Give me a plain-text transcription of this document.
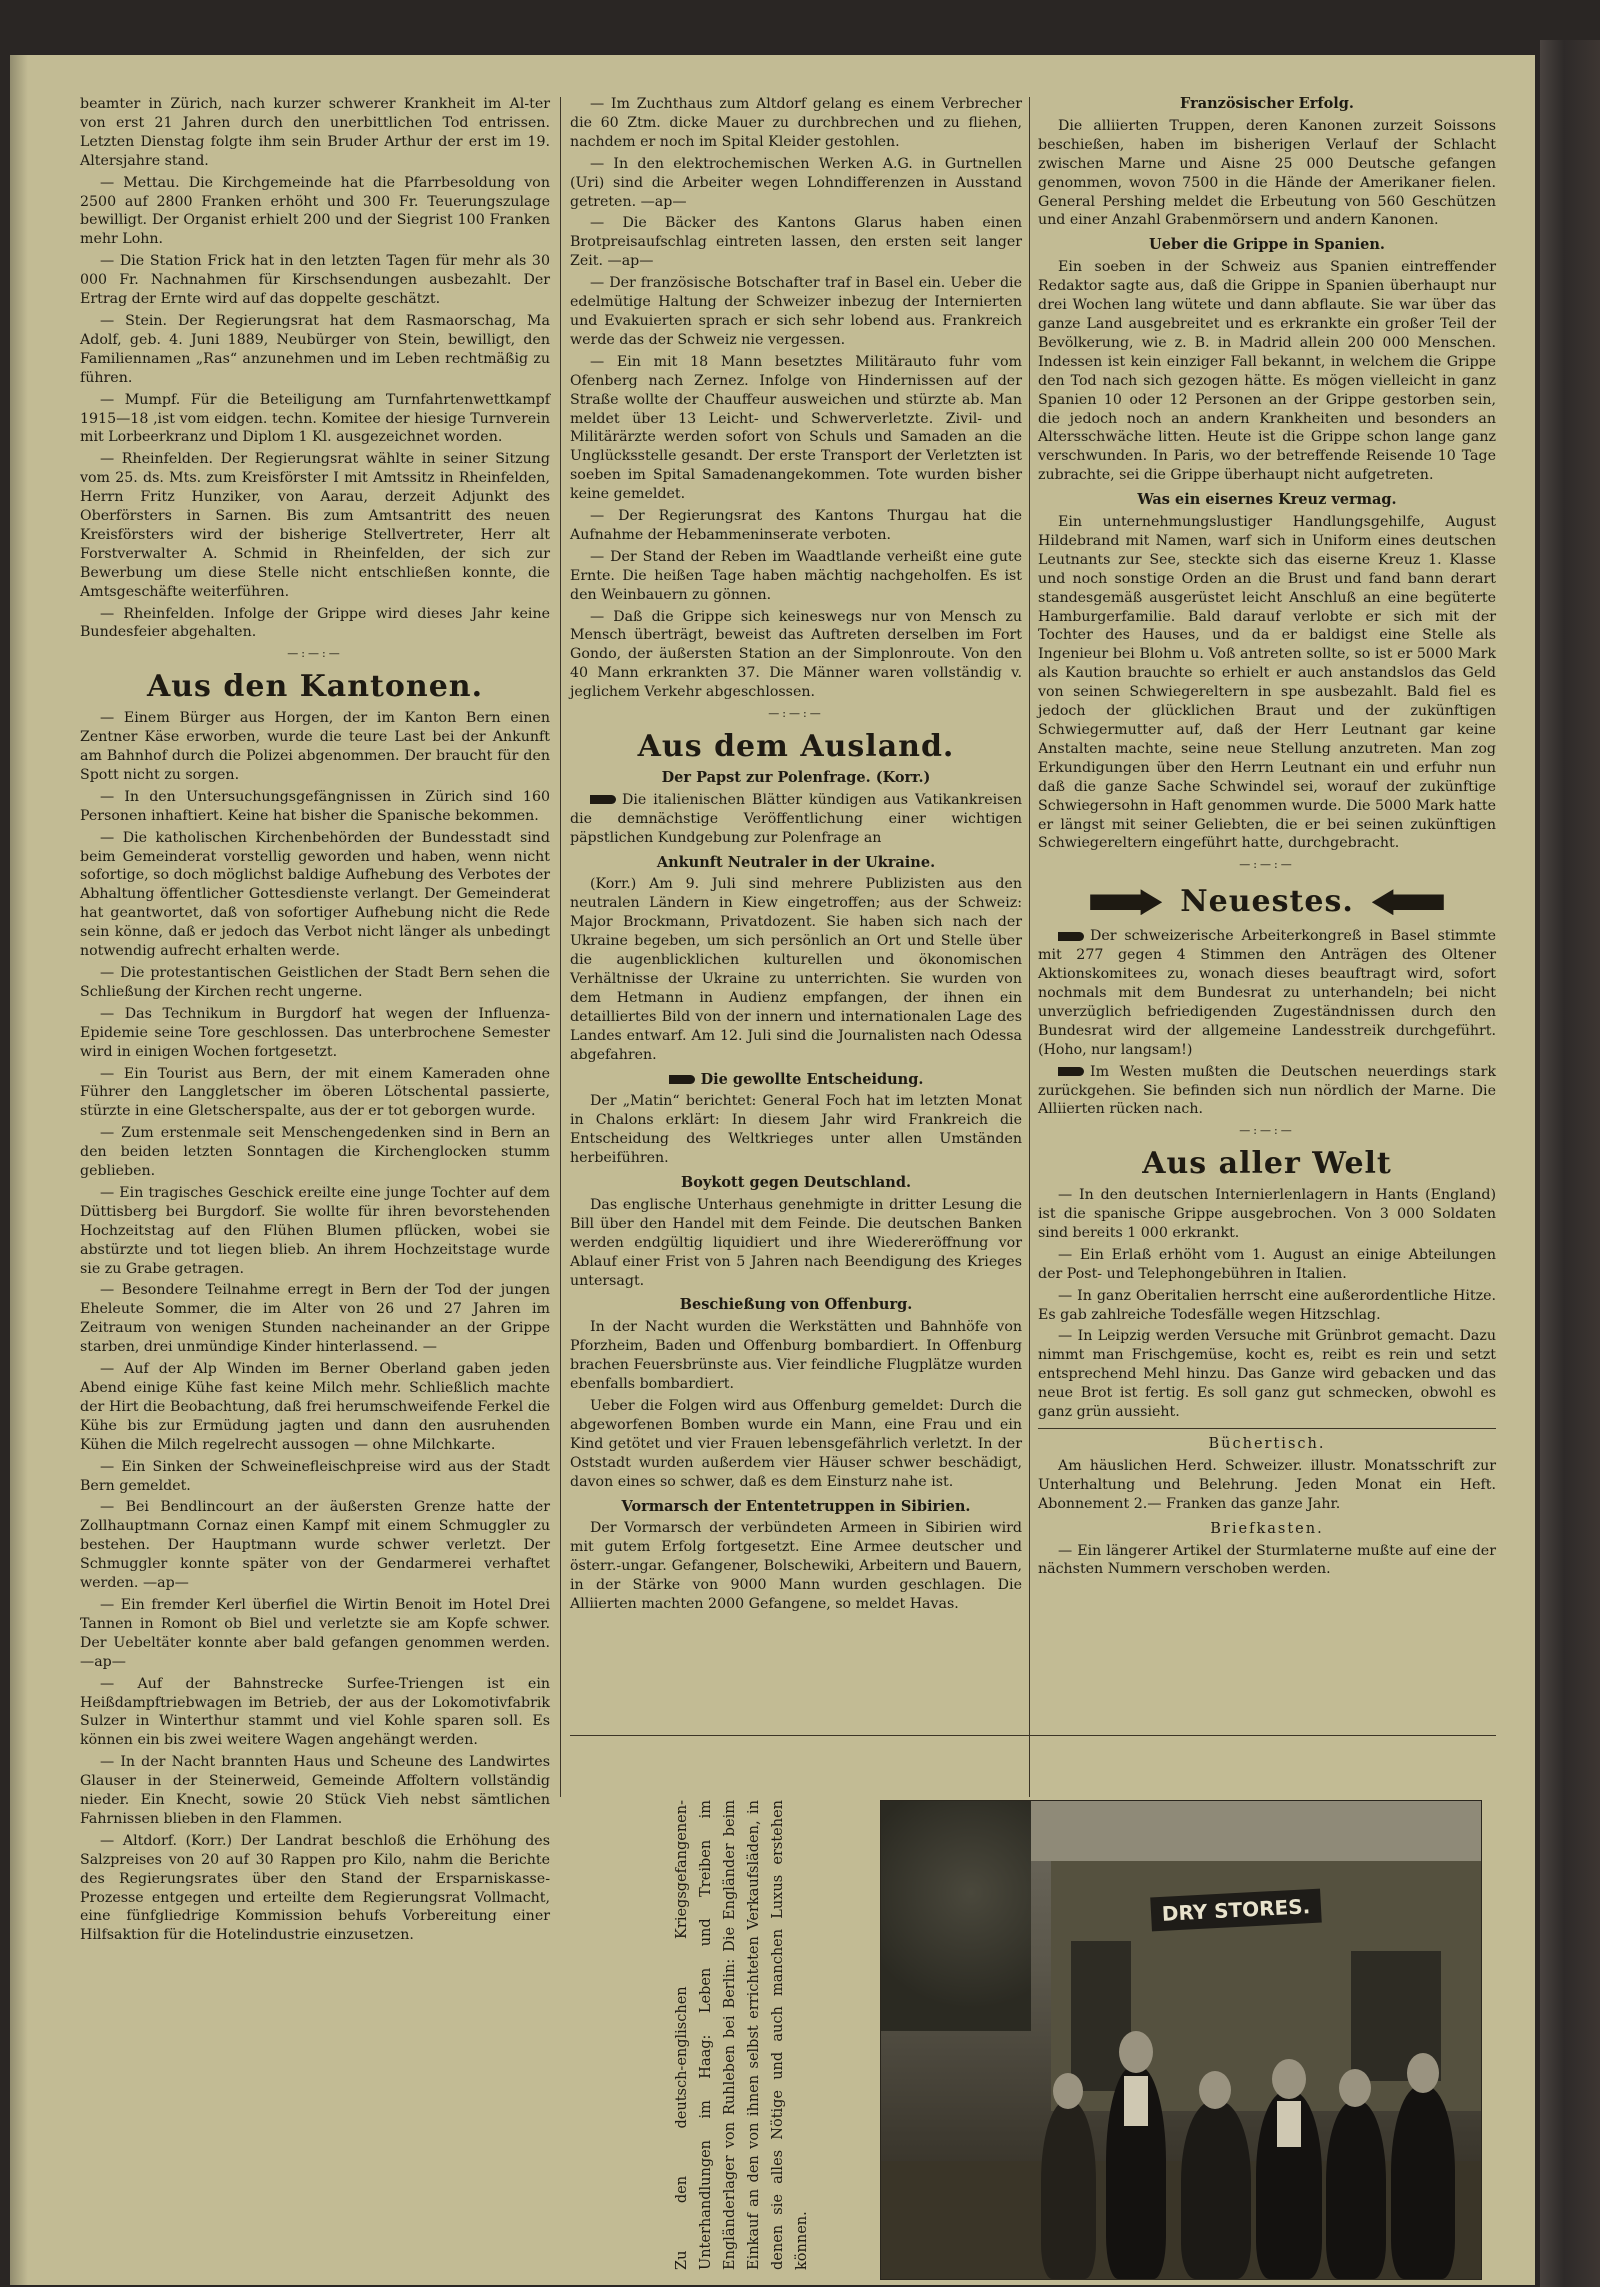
beamter in Zürich, nach kurzer schwerer Krankheit im Al-ter von erst 21 Jahren durch den unerbittlichen Tod entrissen. Letzten Dienstag folgte ihm sein Bruder Arthur der erst im 19. Altersjahre stand.

— Mettau. Die Kirchgemeinde hat die Pfarrbesoldung von 2500 auf 2800 Franken erhöht und 300 Fr. Teuerungszulage bewilligt. Der Organist erhielt 200 und der Siegrist 100 Franken mehr Lohn.

— Die Station Frick hat in den letzten Tagen für mehr als 30 000 Fr. Nachnahmen für Kirschsendungen ausbezahlt. Der Ertrag der Ernte wird auf das doppelte geschätzt.

— Stein. Der Regierungsrat hat dem Rasmaorschag, Ma Adolf, geb. 4. Juni 1889, Neubürger von Stein, bewilligt, den Familiennamen „Ras“ anzunehmen und im Leben rechtmäßig zu führen.

— Mumpf. Für die Beteiligung am Turnfahrtenwettkampf 1915—18 ‚ist vom eidgen. techn. Komitee der hiesige Turnverein mit Lorbeerkranz und Diplom 1 Kl. ausgezeichnet worden.

— Rheinfelden. Der Regierungsrat wählte in seiner Sitzung vom 25. ds. Mts. zum Kreisförster I mit Amtssitz in Rheinfelden, Herrn Fritz Hunziker, von Aarau, derzeit Adjunkt des Oberförsters in Sarnen. Bis zum Amtsantritt des neuen Kreisförsters wird der bisherige Stellvertreter, Herr alt Forstverwalter A. Schmid in Rheinfelden, der sich zur Bewerbung um diese Stelle nicht entschließen konnte, die Amtsgeschäfte weiterführen.

— Rheinfelden. Infolge der Grippe wird dieses Jahr keine Bundesfeier abgehalten.

—:—:—
Aus den Kantonen.

— Einem Bürger aus Horgen, der im Kanton Bern einen Zentner Käse erworben, wurde die teure Last bei der Ankunft am Bahnhof durch die Polizei abgenommen. Der braucht für den Spott nicht zu sorgen.

— In den Untersuchungsgefängnissen in Zürich sind 160 Personen inhaftiert. Keine hat bisher die Spanische bekommen.

— Die katholischen Kirchenbehörden der Bundesstadt sind beim Gemeinderat vorstellig geworden und haben, wenn nicht sofortige, so doch möglichst baldige Aufhebung des Verbotes der Abhaltung öffentlicher Gottesdienste verlangt. Der Gemeinderat hat geantwortet, daß von sofortiger Aufhebung nicht die Rede sein könne, daß er jedoch das Verbot nicht länger als unbedingt notwendig aufrecht erhalten werde.

— Die protestantischen Geistlichen der Stadt Bern sehen die Schließung der Kirchen recht ungerne.

— Das Technikum in Burgdorf hat wegen der Influenza-Epidemie seine Tore geschlossen. Das unterbrochene Semester wird in einigen Wochen fortgesetzt.

— Ein Tourist aus Bern, der mit einem Kameraden ohne Führer den Langgletscher im öberen Lötschental passierte, stürzte in eine Gletscherspalte, aus der er tot geborgen wurde.

— Zum erstenmale seit Menschengedenken sind in Bern an den beiden letzten Sonntagen die Kirchenglocken stumm geblieben.

— Ein tragisches Geschick ereilte eine junge Tochter auf dem Düttisberg bei Burgdorf. Sie wollte für ihren bevorstehenden Hochzeitstag auf den Flühen Blumen pflücken, wobei sie abstürzte und tot liegen blieb. An ihrem Hochzeitstage wurde sie zu Grabe getragen.

— Besondere Teilnahme erregt in Bern der Tod der jungen Eheleute Sommer, die im Alter von 26 und 27 Jahren im Zeitraum von wenigen Stunden nacheinander an der Grippe starben, drei unmündige Kinder hinterlassend. —

— Auf der Alp Winden im Berner Oberland gaben jeden Abend einige Kühe fast keine Milch mehr. Schließlich machte der Hirt die Beobachtung, daß frei herumschweifende Ferkel die Kühe bis zur Ermüdung jagten und dann den ausruhenden Kühen die Milch regelrecht aussogen — ohne Milchkarte.

— Ein Sinken der Schweinefleischpreise wird aus der Stadt Bern gemeldet.

— Bei Bendlincourt an der äußersten Grenze hatte der Zollhauptmann Cornaz einen Kampf mit einem Schmuggler zu bestehen. Der Hauptmann wurde schwer verletzt. Der Schmuggler konnte später von der Gendarmerei verhaftet werden. —ap—

— Ein fremder Kerl überfiel die Wirtin Benoit im Hotel Drei Tannen in Romont ob Biel und verletzte sie am Kopfe schwer. Der Uebeltäter konnte aber bald gefangen genommen werden. —ap—

— Auf der Bahnstrecke Surfee-Triengen ist ein Heißdampftriebwagen im Betrieb, der aus der Lokomotivfabrik Sulzer in Winterthur stammt und viel Kohle sparen soll. Es können ein bis zwei weitere Wagen angehängt werden.

— In der Nacht brannten Haus und Scheune des Landwirtes Glauser in der Steinerweid, Gemeinde Affoltern vollständig nieder. Ein Knecht, sowie 20 Stück Vieh nebst sämtlichen Fahrnissen blieben in den Flammen.

— Altdorf. (Korr.) Der Landrat beschloß die Erhöhung des Salzpreises von 20 auf 30 Rappen pro Kilo, nahm die Berichte des Regierungsrates über den Stand der Ersparniskasse-Prozesse entgegen und erteilte dem Regierungsrat Vollmacht, eine fünfgliedrige Kommission behufs Vorbereitung einer Hilfsaktion für die Hotelindustrie einzusetzen.

— Im Zuchthaus zum Altdorf gelang es einem Verbrecher die 60 Ztm. dicke Mauer zu durchbrechen und zu fliehen, nachdem er noch im Spital Kleider gestohlen.

— In den elektrochemischen Werken A.G. in Gurtnellen (Uri) sind die Arbeiter wegen Lohndifferenzen in Ausstand getreten. —ap—

— Die Bäcker des Kantons Glarus haben einen Brotpreisaufschlag eintreten lassen, den ersten seit langer Zeit. —ap—

— Der französische Botschafter traf in Basel ein. Ueber die edelmütige Haltung der Schweizer inbezug der Internierten und Evakuierten sprach er sich sehr lobend aus. Frankreich werde das der Schweiz nie vergessen.

— Ein mit 18 Mann besetztes Militärauto fuhr vom Ofenberg nach Zernez. Infolge von Hindernissen auf der Straße wollte der Chauffeur ausweichen und stürzte ab. Man meldet über 13 Leicht- und Schwerverletzte. Zivil- und Militärärzte werden sofort von Schuls und Samaden an die Unglücksstelle gesandt. Der erste Transport der Verletzten ist soeben im Spital Samadenangekommen. Tote wurden bisher keine gemeldet.

— Der Regierungsrat des Kantons Thurgau hat die Aufnahme der Hebammeninserate verboten.

— Der Stand der Reben im Waadtlande verheißt eine gute Ernte. Die heißen Tage haben mächtig nachgeholfen. Es ist den Weinbauern zu gönnen.

— Daß die Grippe sich keineswegs nur von Mensch zu Mensch überträgt, beweist das Auftreten derselben im Fort Gondo, der äußersten Station an der Simplonroute. Von den 40 Mann erkrankten 37. Die Männer waren vollständig v. jeglichem Verkehr abgeschlossen.

—:—:—
Aus dem Ausland.
Der Papst zur Polenfrage. (Korr.)

Die italienischen Blätter kündigen aus Vatikankreisen die demnächstige Veröffentlichung einer wichtigen päpstlichen Kundgebung zur Polenfrage an

Ankunft Neutraler in der Ukraine.

(Korr.) Am 9. Juli sind mehrere Publizisten aus den neutralen Ländern in Kiew eingetroffen; aus der Schweiz: Major Brockmann, Privatdozent. Sie haben sich nach der Ukraine begeben, um sich persönlich an Ort und Stelle über die augenblicklichen kulturellen und ökonomischen Verhältnisse der Ukraine zu unterrichten. Sie wurden von dem Hetmann in Audienz empfangen, der ihnen ein detailliertes Bild von der innern und internationalen Lage des Landes entwarf. Am 12. Juli sind die Journalisten nach Odessa abgefahren.

Die gewollte Entscheidung.

Der „Matin“ berichtet: General Foch hat im letzten Monat in Chalons erklärt: In diesem Jahr wird Frankreich die Entscheidung des Weltkrieges unter allen Umständen herbeiführen.

Boykott gegen Deutschland.

Das englische Unterhaus genehmigte in dritter Lesung die Bill über den Handel mit dem Feinde. Die deutschen Banken werden endgültig liquidiert und ihre Wiedereröffnung vor Ablauf einer Frist von 5 Jahren nach Beendigung des Krieges untersagt.

Beschießung von Offenburg.

In der Nacht wurden die Werkstätten und Bahnhöfe von Pforzheim, Baden und Offenburg bombardiert. In Offenburg brachen Feuersbrünste aus. Vier feindliche Flugplätze wurden ebenfalls bombardiert.

Ueber die Folgen wird aus Offenburg gemeldet: Durch die abgeworfenen Bomben wurde ein Mann, eine Frau und ein Kind getötet und vier Frauen lebensgefährlich verletzt. In der Oststadt wurden außerdem vier Häuser schwer beschädigt, davon eines so schwer, daß es dem Einsturz nahe ist.

Vormarsch der Ententetruppen in Sibirien.

Der Vormarsch der verbündeten Armeen in Sibirien wird mit gutem Erfolg fortgesetzt. Eine Armee deutscher und österr.-ungar. Gefangener, Bolschewiki, Arbeitern und Bauern, in der Stärke von 9000 Mann wurden geschlagen. Die Alliierten machten 2000 Gefangene, so meldet Havas.

Französischer Erfolg.

Die alliierten Truppen, deren Kanonen zurzeit Soissons beschießen, haben im bisherigen Verlauf der Schlacht zwischen Marne und Aisne 25 000 Deutsche gefangen genommen, wovon 7500 in die Hände der Amerikaner fielen. General Pershing meldet die Erbeutung von 560 Geschützen und einer Anzahl Grabenmörsern und andern Kanonen.

Ueber die Grippe in Spanien.

Ein soeben in der Schweiz aus Spanien eintreffender Redaktor sagte aus, daß die Grippe in Spanien überhaupt nur drei Wochen lang wütete und dann abflaute. Sie war über das ganze Land ausgebreitet und es erkrankte ein großer Teil der Bevölkerung, wie z. B. in Madrid allein 200 000 Menschen. Indessen ist kein einziger Fall bekannt, in welchem die Grippe den Tod nach sich gezogen hätte. Es mögen vielleicht in ganz Spanien 10 oder 12 Personen an der Grippe gestorben sein, die jedoch noch an andern Krankheiten und besonders an Altersschwäche litten. Heute ist die Grippe schon lange ganz verschwunden. In Paris, wo der betreffende Reisende 10 Tage zubrachte, sei die Grippe überhaupt nicht aufgetreten.

Was ein eisernes Kreuz vermag.

Ein unternehmungslustiger Handlungsgehilfe, August Hildebrand mit Namen, warf sich in Uniform eines deutschen Leutnants zur See, steckte sich das eiserne Kreuz 1. Klasse und noch sonstige Orden an die Brust und fand bann derart standesgemäß ausgerüstet leicht Anschluß an eine begüterte Hamburgerfamilie. Bald darauf verlobte er sich mit der Tochter des Hauses, und da er baldigst eine Stelle als Ingenieur bei Blohm u. Voß antreten sollte, so ist er 5000 Mark als Kaution brauchte so erhielt er auch anstandslos das Geld von seinen Schwiegereltern in spe ausbezahlt. Bald fiel es jedoch der glücklichen Braut und der zukünftigen Schwiegermutter auf, daß der Herr Leutnant gar keine Anstalten machte, seine neue Stellung anzutreten. Man zog Erkundigungen über den Herrn Leutnant ein und erfuhr nun daß die ganze Sache Schwindel sei, worauf der zukünftige Schwiegersohn in Haft genommen wurde. Die 5000 Mark hatte er längst mit seiner Geliebten, die er bei seinen zukünftigen Schwiegereltern eingeführt hatte, durchgebracht.

—:—:—
Neuestes.

Der schweizerische Arbeiterkongreß in Basel stimmte mit 277 gegen 4 Stimmen den Anträgen des Oltener Aktionskomitees zu, wonach dieses beauftragt wird, sofort nochmals mit dem Bundesrat zu unterhandeln; bei nicht unverzüglich befriedigenden Zugeständnissen durch den Bundesrat wird der allgemeine Landesstreik durchgeführt. (Hoho, nur langsam!)

Im Westen mußten die Deutschen neuerdings stark zurückgehen. Sie befinden sich nun nördlich der Marne. Die Alliierten rücken nach.

—:—:—
Aus aller Welt

— In den deutschen Internierlenlagern in Hants (England) ist die spanische Grippe ausgebrochen. Von 3 000 Soldaten sind bereits 1 000 erkrankt.

— Ein Erlaß erhöht vom 1. August an einige Abteilungen der Post- und Telephongebühren in Italien.

— In ganz Oberitalien herrscht eine außerordentliche Hitze. Es gab zahlreiche Todesfälle wegen Hitzschlag.

— In Leipzig werden Versuche mit Grünbrot gemacht. Dazu nimmt man Frischgemüse, kocht es, reibt es rein und setzt entsprechend Mehl hinzu. Das Ganze wird gebacken und das neue Brot ist fertig. Es soll ganz gut schmecken, obwohl es ganz grün aussieht.

Büchertisch.

Am häuslichen Herd. Schweizer. illustr. Monatsschrift zur Unterhaltung und Belehrung. Jeden Monat ein Heft. Abonnement 2.— Franken das ganze Jahr.

Briefkasten.

— Ein längerer Artikel der Sturmlaterne mußte auf eine der nächsten Nummern verschoben werden.

Zu den deutsch-englischen Kriegsgefangenen-Unterhandlungen im Haag: Leben und Treiben im Engländerlager von Ruhleben bei Berlin: Die Engländer beim Einkauf an den von ihnen selbst errichteten Verkaufsläden, in denen sie alles Nötige und auch manchen Luxus erstehen können.
DRY STORES.
